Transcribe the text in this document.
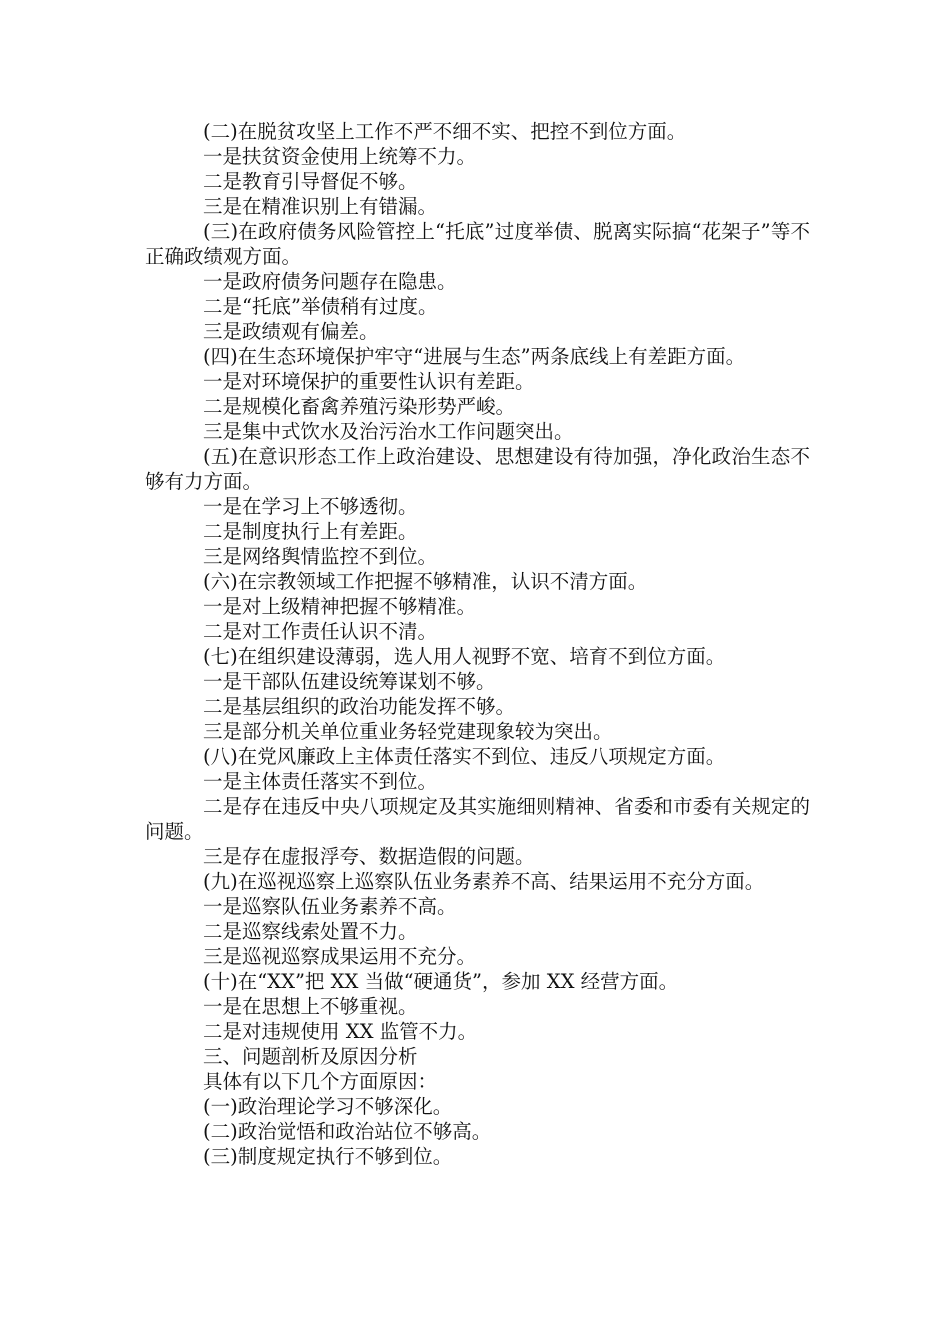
(二)在脱贫攻坚上工作不严不细不实、把控不到位方面。

一是扶贫资金使用上统筹不力。

二是教育引导督促不够。

三是在精准识别上有错漏。

(三)在政府债务风险管控上“托底”过度举债、脱离实际搞“花架子”等不正确政绩观方面。

一是政府债务问题存在隐患。

二是“托底”举债稍有过度。

三是政绩观有偏差。

(四)在生态环境保护牢守“进展与生态”两条底线上有差距方面。

一是对环境保护的重要性认识有差距。

二是规模化畜禽养殖污染形势严峻。

三是集中式饮水及治污治水工作问题突出。

(五)在意识形态工作上政治建设、思想建设有待加强，净化政治生态不够有力方面。

一是在学习上不够透彻。

二是制度执行上有差距。

三是网络舆情监控不到位。

(六)在宗教领域工作把握不够精准，认识不清方面。

一是对上级精神把握不够精准。

二是对工作责任认识不清。

(七)在组织建设薄弱，选人用人视野不宽、培育不到位方面。

一是干部队伍建设统筹谋划不够。

二是基层组织的政治功能发挥不够。

三是部分机关单位重业务轻党建现象较为突出。

(八)在党风廉政上主体责任落实不到位、违反八项规定方面。

一是主体责任落实不到位。

二是存在违反中央八项规定及其实施细则精神、省委和市委有关规定的问题。

三是存在虚报浮夸、数据造假的问题。

(九)在巡视巡察上巡察队伍业务素养不高、结果运用不充分方面。

一是巡察队伍业务素养不高。

二是巡察线索处置不力。

三是巡视巡察成果运用不充分。

(十)在“XX”把 XX 当做“硬通货”，参加 XX 经营方面。

一是在思想上不够重视。

二是对违规使用 XX 监管不力。

三、问题剖析及原因分析

具体有以下几个方面原因：

(一)政治理论学习不够深化。

(二)政治觉悟和政治站位不够高。

(三)制度规定执行不够到位。
